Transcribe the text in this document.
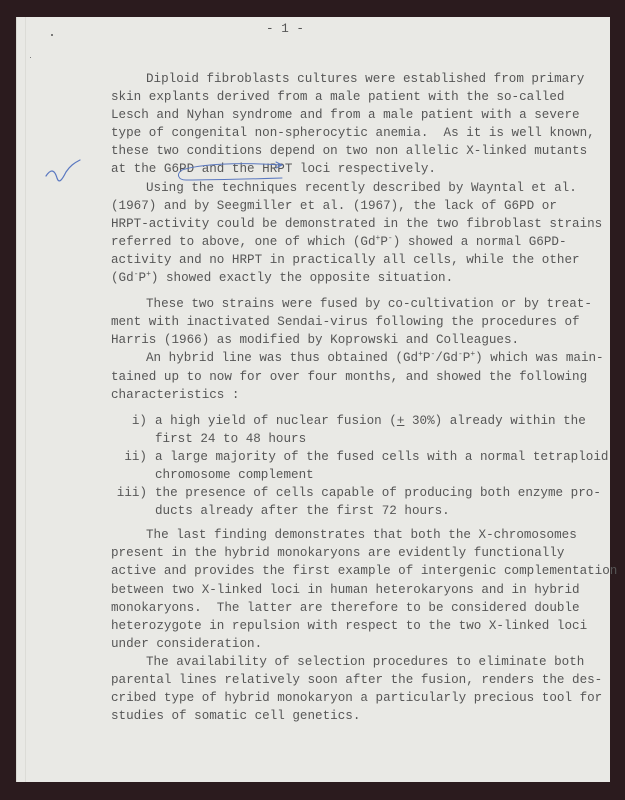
- 1 -
Diploid fibroblasts cultures were established from primary
skin explants derived from a male patient with the so-called
Lesch and Nyhan syndrome and from a male patient with a severe
type of congenital non-spherocytic anemia.  As it is well known,
these two conditions depend on two non allelic X-linked mutants
at the G6PD and the HRPT loci respectively.
Using the techniques recently described by Wayntal et al.
(1967) and by Seegmiller et al. (1967), the lack of G6PD or
HRPT-activity could be demonstrated in the two fibroblast strains
referred to above, one of which (Gd+P-) showed a normal G6PD-
activity and no HRPT in practically all cells, while the other
(Gd-P+) showed exactly the opposite situation.
These two strains were fused by co-cultivation or by treat-
ment with inactivated Sendai-virus following the procedures of
Harris (1966) as modified by Koprowski and Colleagues.
An hybrid line was thus obtained (Gd+P-/Gd-P+) which was main-
tained up to now for over four months, and showed the following
characteristics :
i) a high yield of nuclear fusion (+ 30%) already within the
first 24 to 48 hours
ii) a large majority of the fused cells with a normal tetraploid
chromosome complement
iii) the presence of cells capable of producing both enzyme pro-
ducts already after the first 72 hours.
The last finding demonstrates that both the X-chromosomes
present in the hybrid monokaryons are evidently functionally
active and provides the first example of intergenic complementation
between two X-linked loci in human heterokaryons and in hybrid
monokaryons.  The latter are therefore to be considered double
heterozygote in repulsion with respect to the two X-linked loci
under consideration.
The availability of selection procedures to eliminate both
parental lines relatively soon after the fusion, renders the des-
cribed type of hybrid monokaryon a particularly precious tool for
studies of somatic cell genetics.
